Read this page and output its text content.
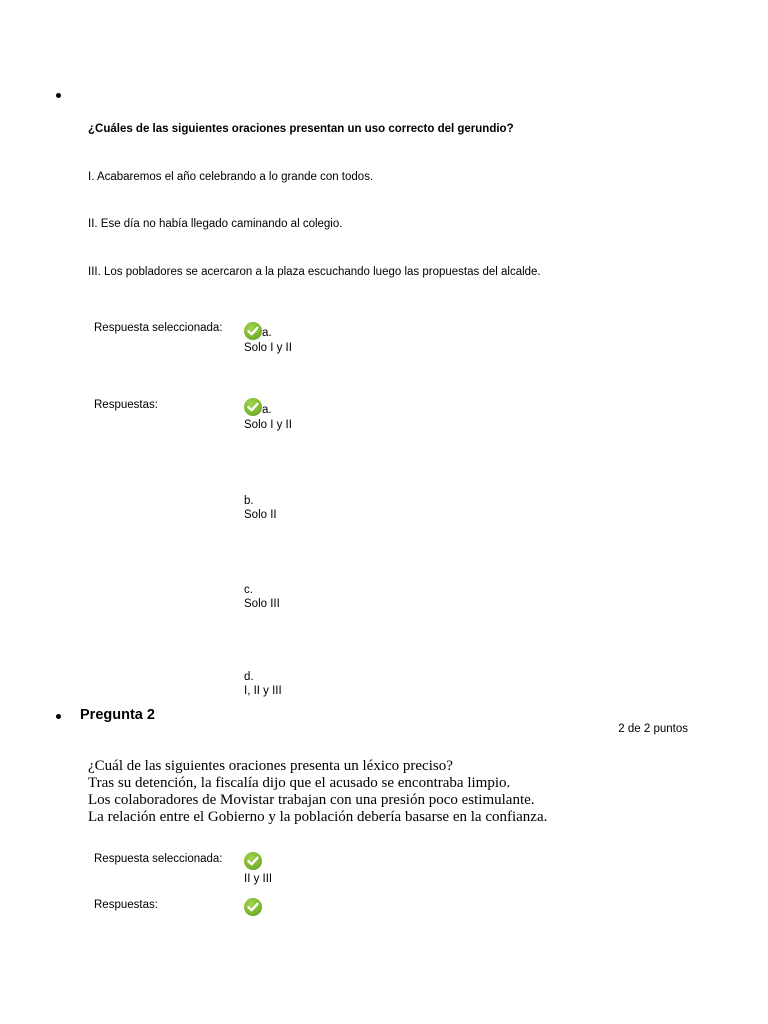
¿Cuáles de las siguientes oraciones presentan un uso correcto del gerundio?
I. Acabaremos el año celebrando a lo grande con todos.
II. Ese día no había llegado caminando al colegio.
III. Los pobladores se acercaron a la plaza escuchando luego las propuestas del alcalde.
Respuesta seleccionada:	a.
Solo I y II
Respuestas:	a.
Solo I y II
b.
Solo II
c.
Solo III
d.
I, II y III
Pregunta 2
2 de 2 puntos
¿Cuál de las siguientes oraciones presenta un léxico preciso?
Tras su detención, la fiscalía dijo que el acusado se encontraba limpio.
Los colaboradores de Movistar trabajan con una presión poco estimulante.
La relación entre el Gobierno y la población debería basarse en la confianza.
Respuesta seleccionada:
II y III
Respuestas:
